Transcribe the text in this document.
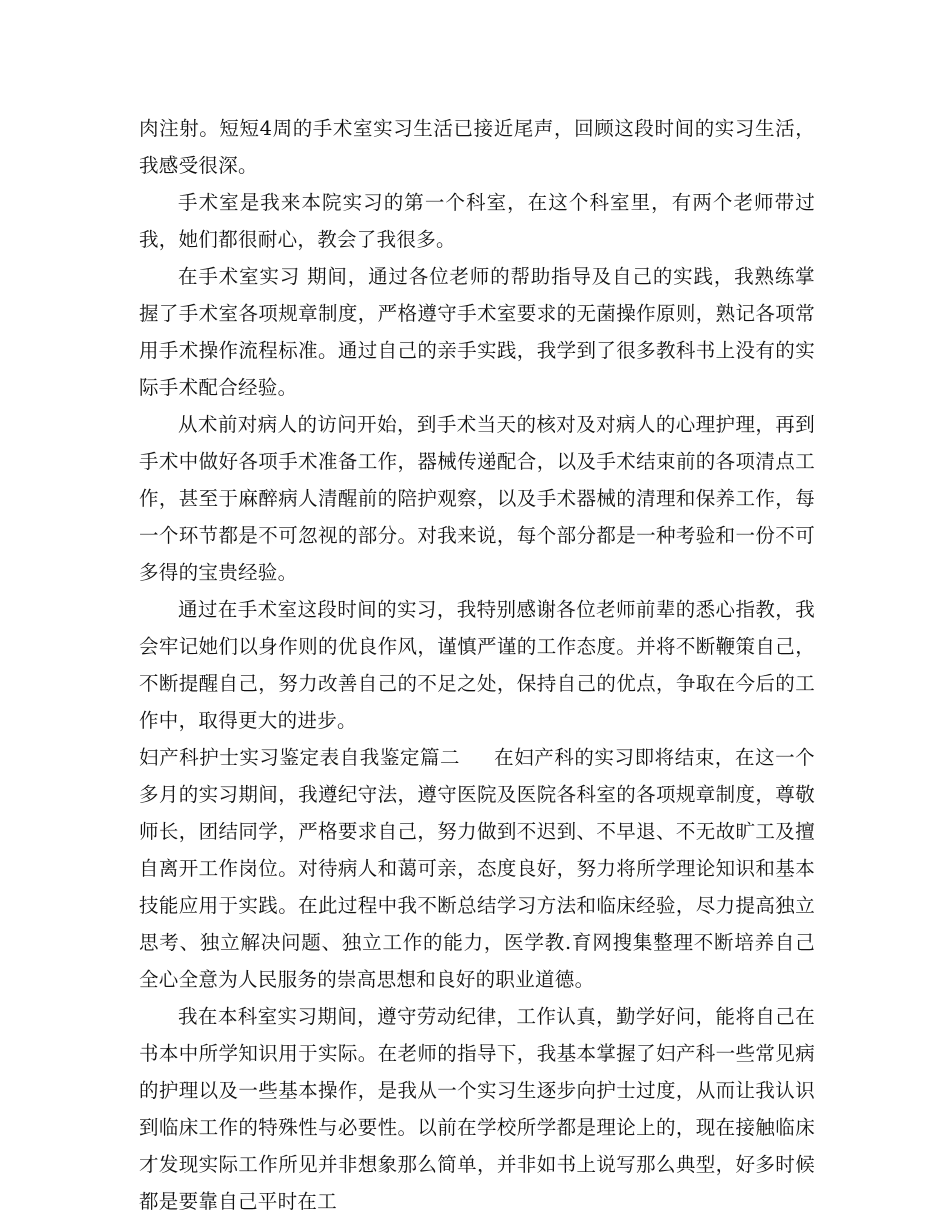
肉注射。短短4周的手术室实习生活已接近尾声，回顾这段时间的实习生活，我感受很深。

手术室是我来本院实习的第一个科室，在这个科室里，有两个老师带过我，她们都很耐心，教会了我很多。

在手术室实习 期间，通过各位老师的帮助指导及自己的实践，我熟练掌握了手术室各项规章制度，严格遵守手术室要求的无菌操作原则，熟记各项常用手术操作流程标准。通过自己的亲手实践，我学到了很多教科书上没有的实际手术配合经验。

从术前对病人的访问开始，到手术当天的核对及对病人的心理护理，再到手术中做好各项手术准备工作，器械传递配合，以及手术结束前的各项清点工作，甚至于麻醉病人清醒前的陪护观察，以及手术器械的清理和保养工作，每一个环节都是不可忽视的部分。对我来说，每个部分都是一种考验和一份不可多得的宝贵经验。

通过在手术室这段时间的实习，我特别感谢各位老师前辈的悉心指教，我会牢记她们以身作则的优良作风，谨慎严谨的工作态度。并将不断鞭策自己，不断提醒自己，努力改善自己的不足之处，保持自己的优点，争取在今后的工作中，取得更大的进步。

妇产科护士实习鉴定表自我鉴定篇二 在妇产科的实习即将结束，在这一个多月的实习期间，我遵纪守法，遵守医院及医院各科室的各项规章制度，尊敬师长，团结同学，严格要求自己，努力做到不迟到、不早退、不无故旷工及擅自离开工作岗位。对待病人和蔼可亲，态度良好，努力将所学理论知识和基本技能应用于实践。在此过程中我不断总结学习方法和临床经验，尽力提高独立思考、独立解决问题、独立工作的能力，医学教.育网搜集整理不断培养自己全心全意为人民服务的崇高思想和良好的职业道德。

我在本科室实习期间，遵守劳动纪律，工作认真，勤学好问，能将自己在书本中所学知识用于实际。在老师的指导下，我基本掌握了妇产科一些常见病的护理以及一些基本操作，是我从一个实习生逐步向护士过度，从而让我认识到临床工作的特殊性与必要性。以前在学校所学都是理论上的，现在接触临床才发现实际工作所见并非想象那么简单，并非如书上说写那么典型，好多时候都是要靠自己平时在工
